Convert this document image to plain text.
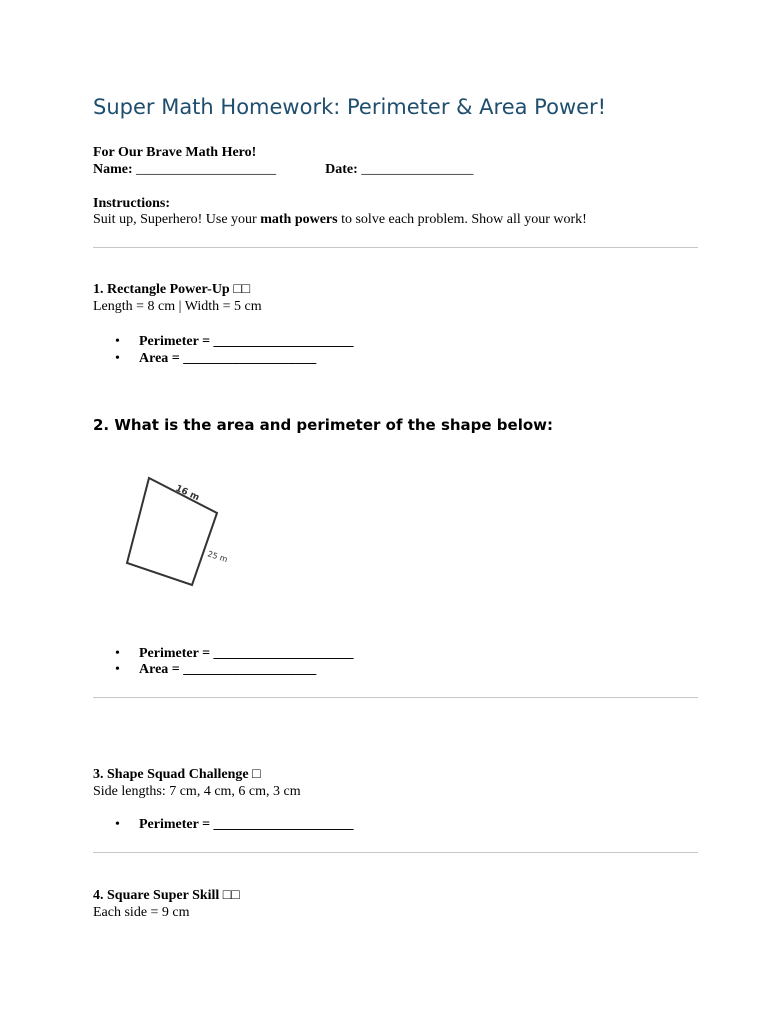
Super Math Homework: Perimeter & Area Power!
For Our Brave Math Hero!
Name: ____________________	Date: ________________
Instructions:
Suit up, Superhero! Use your math powers to solve each problem. Show all your work!
1. Rectangle Power-Up □□
Length = 8 cm | Width = 5 cm
• Perimeter = ____________________
• Area = ___________________
2. What is the area and perimeter of the shape below:
16 m
25 m
• Perimeter = ____________________
• Area = ___________________
3. Shape Squad Challenge □
Side lengths: 7 cm, 4 cm, 6 cm, 3 cm
• Perimeter = ____________________
4. Square Super Skill □□
Each side = 9 cm
